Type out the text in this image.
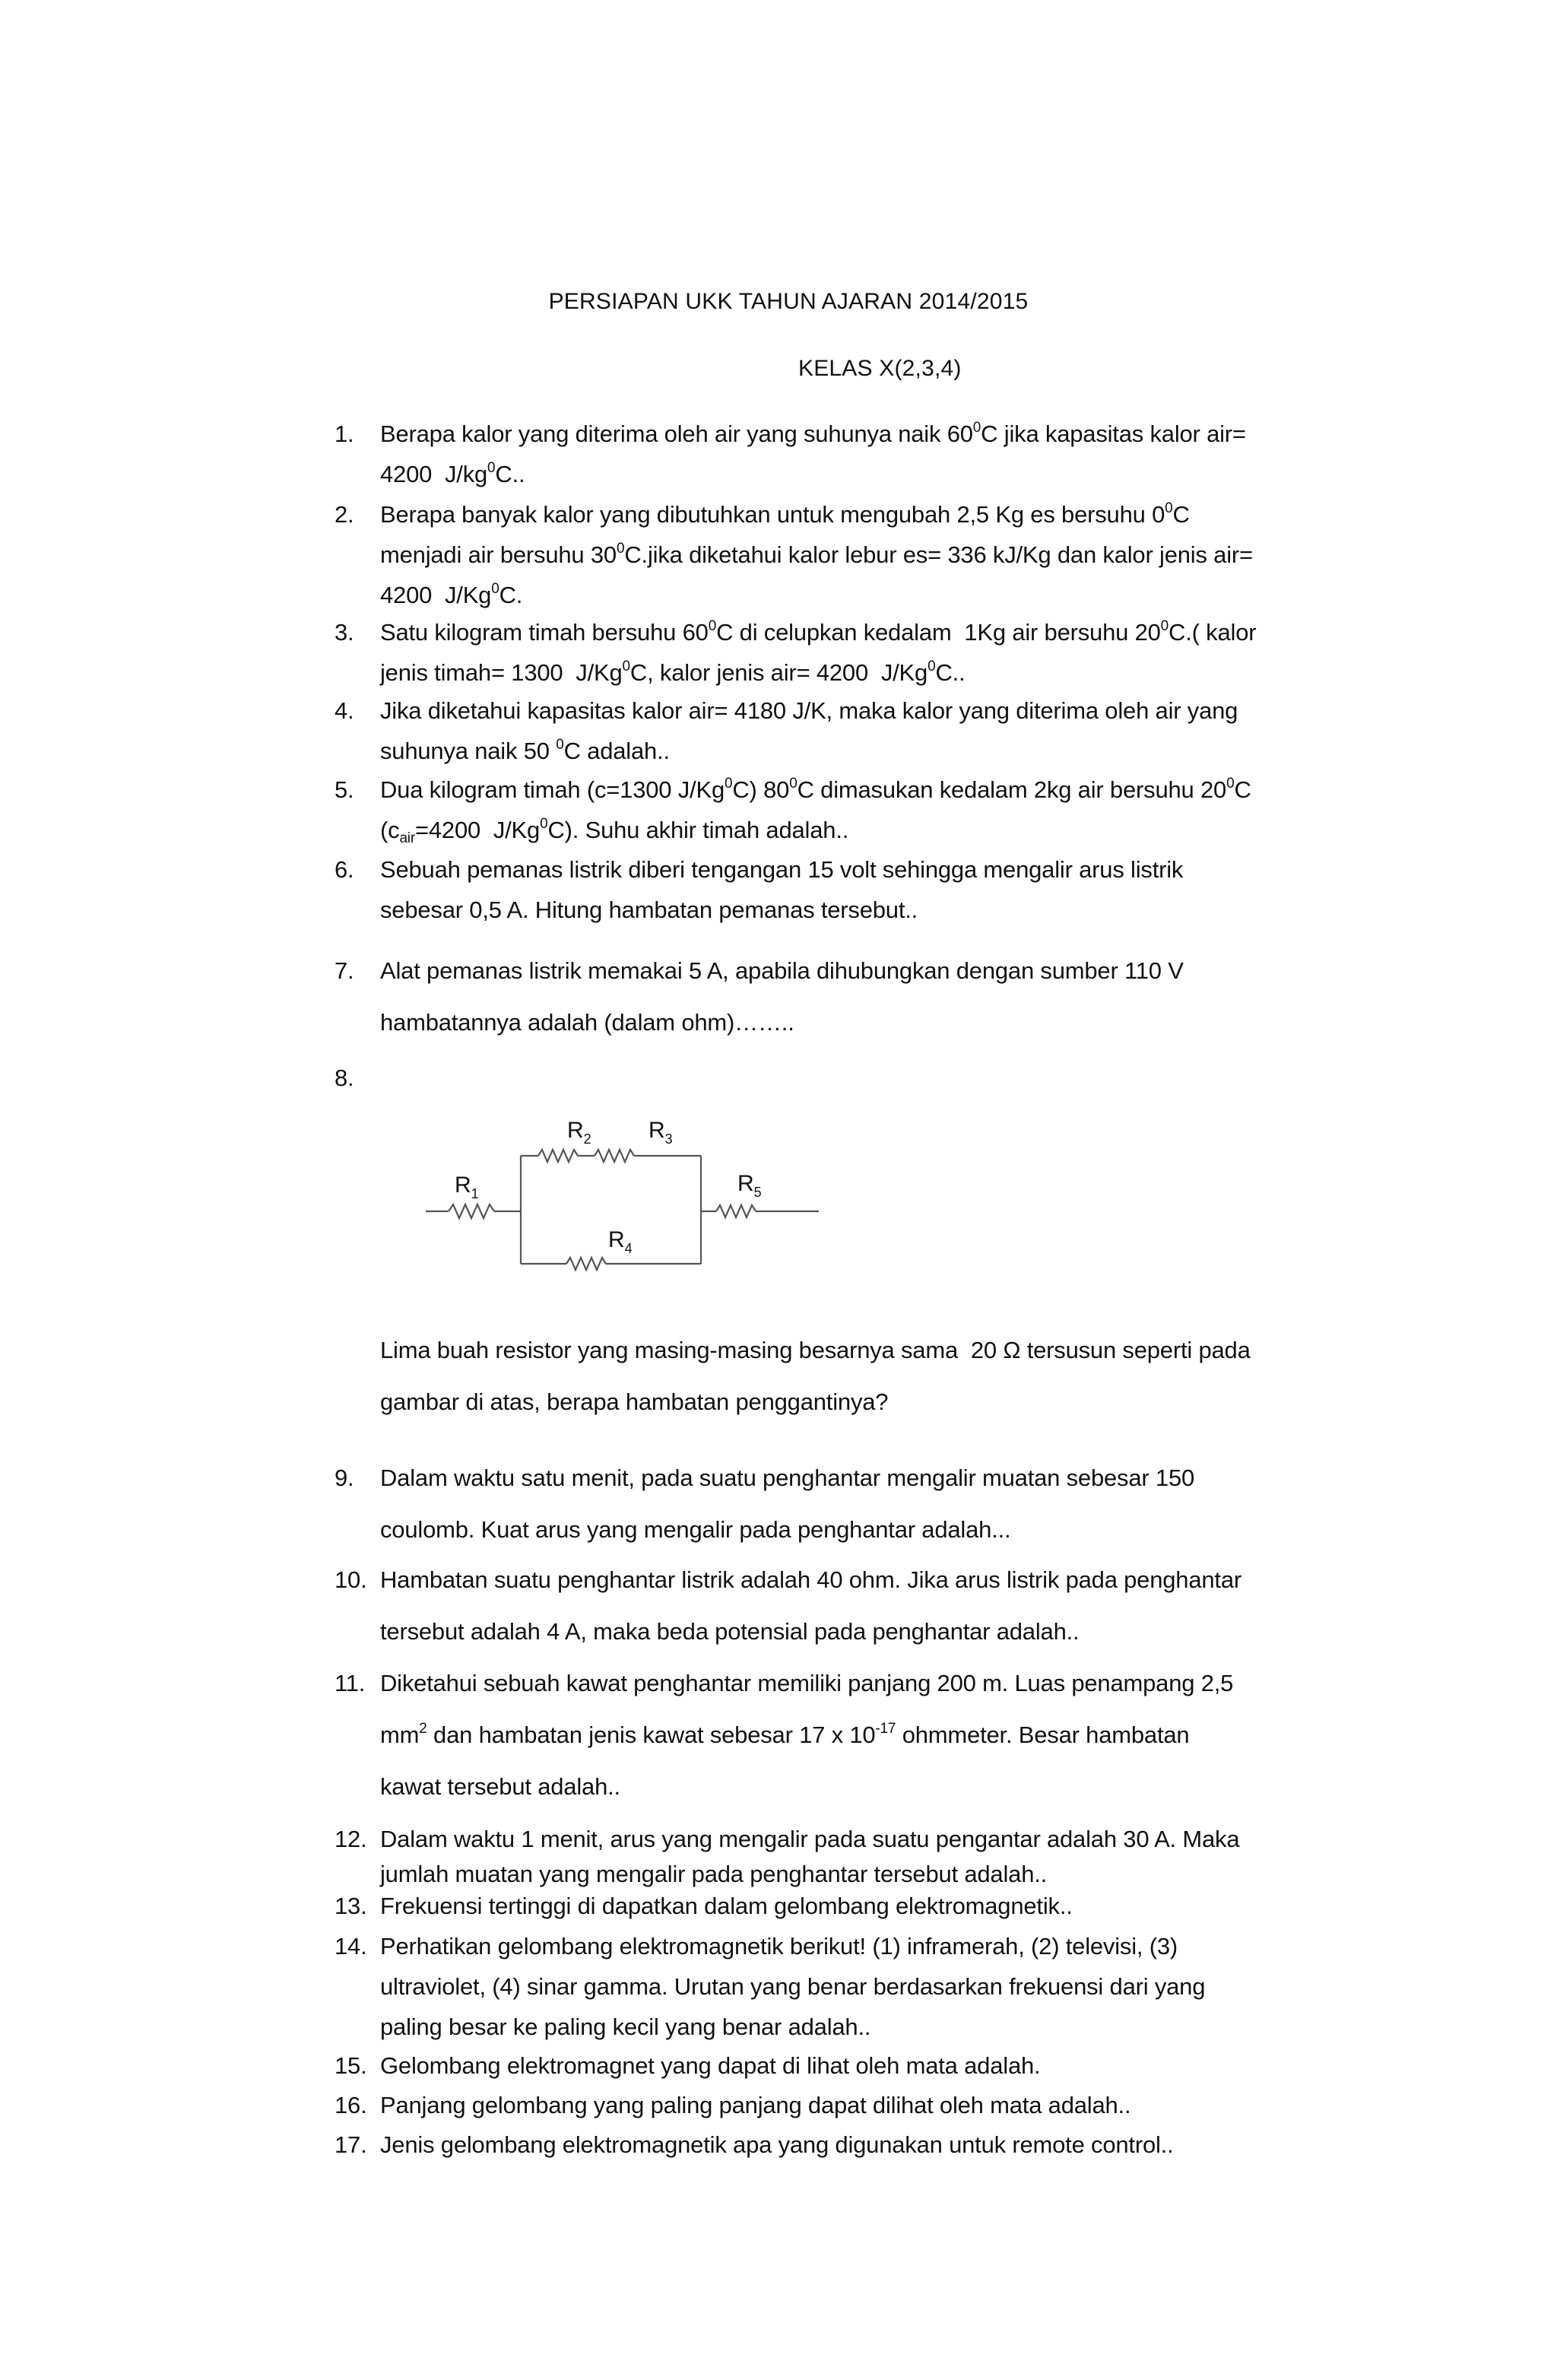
PERSIAPAN UKK TAHUN AJARAN 2014/2015
KELAS X(2,3,4)
1.	Berapa kalor yang diterima oleh air yang suhunya naik $60^0C$ jika kapasitas kalor air=
4200  $J/kg^0C$..
2.	Berapa banyak kalor yang dibutuhkan untuk mengubah 2,5 Kg es bersuhu $0^0C$
menjadi air bersuhu $30^0C.jika$ diketahui kalor lebur es= 336 kJ/Kg dan kalor jenis air=
4200  J/Kg$^0$C.
3.	Satu kilogram timah bersuhu $60^0C$ di celupkan kedalam  1Kg air bersuhu $20^0C$.( kalor
jenis timah= 1300  J/Kg$^0$C, kalor jenis air= 4200  J/Kg$^0$C..
4.	Jika diketahui kapasitas kalor air= 4180 J/K, maka kalor yang diterima oleh air yang
suhunya naik 50 $^0$C adalah..
5.	Dua kilogram timah (c=1300 J/Kg$^0$C) $80^0C$ dimasukan kedalam 2kg air bersuhu $20^0C$
($c_{air}=4200$  J/Kg$^0$C). Suhu akhir timah adalah..
6.	Sebuah pemanas listrik diberi tengangan 15 volt sehingga mengalir arus listrik
sebesar 0,5 A. Hitung hambatan pemanas tersebut..
7.	Alat pemanas listrik memakai 5 A, apabila dihubungkan dengan sumber 110 V
hambatannya adalah (dalam ohm)……..
8.
$R_1$
$R_2$	$R_3$
$R_4$
$R_5$
Lima buah resistor yang masing-masing besarnya sama  20 Ω tersusun seperti pada
gambar di atas, berapa hambatan penggantinya?
9.	Dalam waktu satu menit, pada suatu penghantar mengalir muatan sebesar 150
coulomb. Kuat arus yang mengalir pada penghantar adalah...
10. Hambatan suatu penghantar listrik adalah 40 ohm. Jika arus listrik pada penghantar
tersebut adalah 4 A, maka beda potensial pada penghantar adalah..
11. Diketahui sebuah kawat penghantar memiliki panjang 200 m. Luas penampang 2,5
$mm^2$ dan hambatan jenis kawat sebesar 17 x $10^{-17}$ ohmmeter. Besar hambatan
kawat tersebut adalah..
12. Dalam waktu 1 menit, arus yang mengalir pada suatu pengantar adalah 30 A. Maka
jumlah muatan yang mengalir pada penghantar tersebut adalah..
13. Frekuensi tertinggi di dapatkan dalam gelombang elektromagnetik..
14. Perhatikan gelombang elektromagnetik berikut! (1) inframerah, (2) televisi, (3)
ultraviolet, (4) sinar gamma. Urutan yang benar berdasarkan frekuensi dari yang
paling besar ke paling kecil yang benar adalah..
15. Gelombang elektromagnet yang dapat di lihat oleh mata adalah.
16. Panjang gelombang yang paling panjang dapat dilihat oleh mata adalah..
17. Jenis gelombang elektromagnetik apa yang digunakan untuk remote control..
